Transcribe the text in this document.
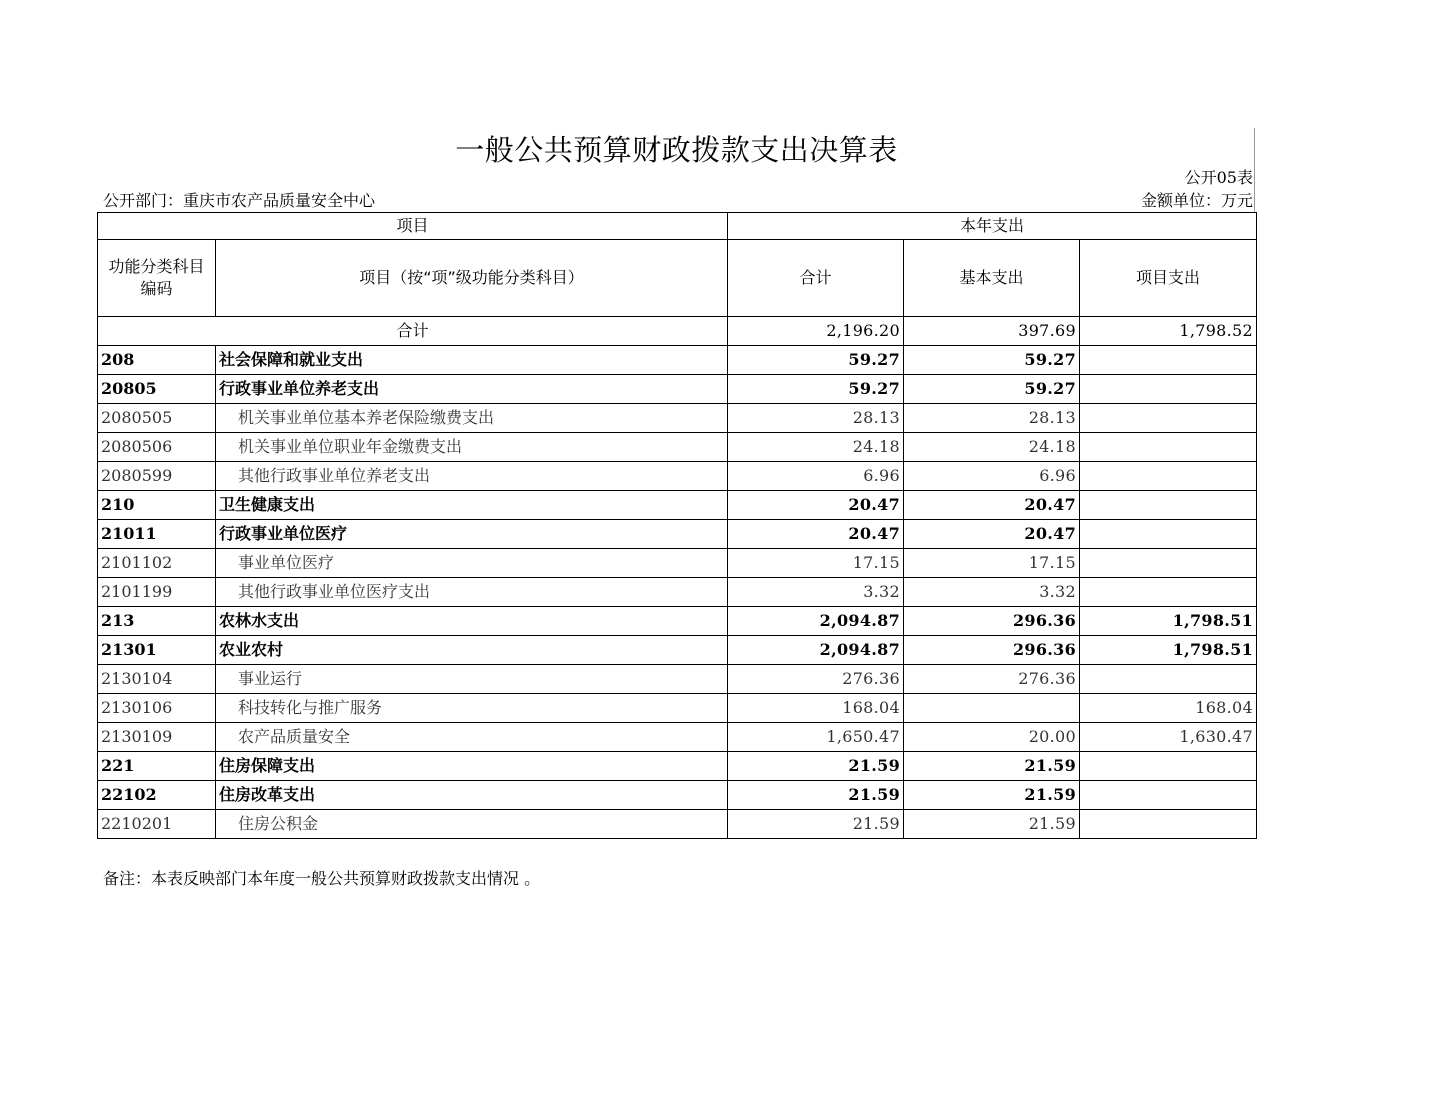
一般公共预算财政拨款支出决算表
公开05表
公开部门：重庆市农产品质量安全中心	金额单位：万元
项目		本年支出		
功能分类科目编码	项目（按“项”级功能分类科目）	合计	基本支出	项目支出
合计		2,196.20	397.69	1,798.52
208	社会保障和就业支出	59.27	59.27	
20805	行政事业单位养老支出	59.27	59.27	
2080505	机关事业单位基本养老保险缴费支出	28.13	28.13	
2080506	机关事业单位职业年金缴费支出	24.18	24.18	
2080599	其他行政事业单位养老支出	6.96	6.96	
210	卫生健康支出	20.47	20.47	
21011	行政事业单位医疗	20.47	20.47	
2101102	事业单位医疗	17.15	17.15	
2101199	其他行政事业单位医疗支出	3.32	3.32	
213	农林水支出	2,094.87	296.36	1,798.51
21301	农业农村	2,094.87	296.36	1,798.51
2130104	事业运行	276.36	276.36	
2130106	科技转化与推广服务	168.04		168.04
2130109	农产品质量安全	1,650.47	20.00	1,630.47
221	住房保障支出	21.59	21.59	
22102	住房改革支出	21.59	21.59	
2210201	住房公积金	21.59	21.59	
备注：本表反映部门本年度一般公共预算财政拨款支出情况 。
